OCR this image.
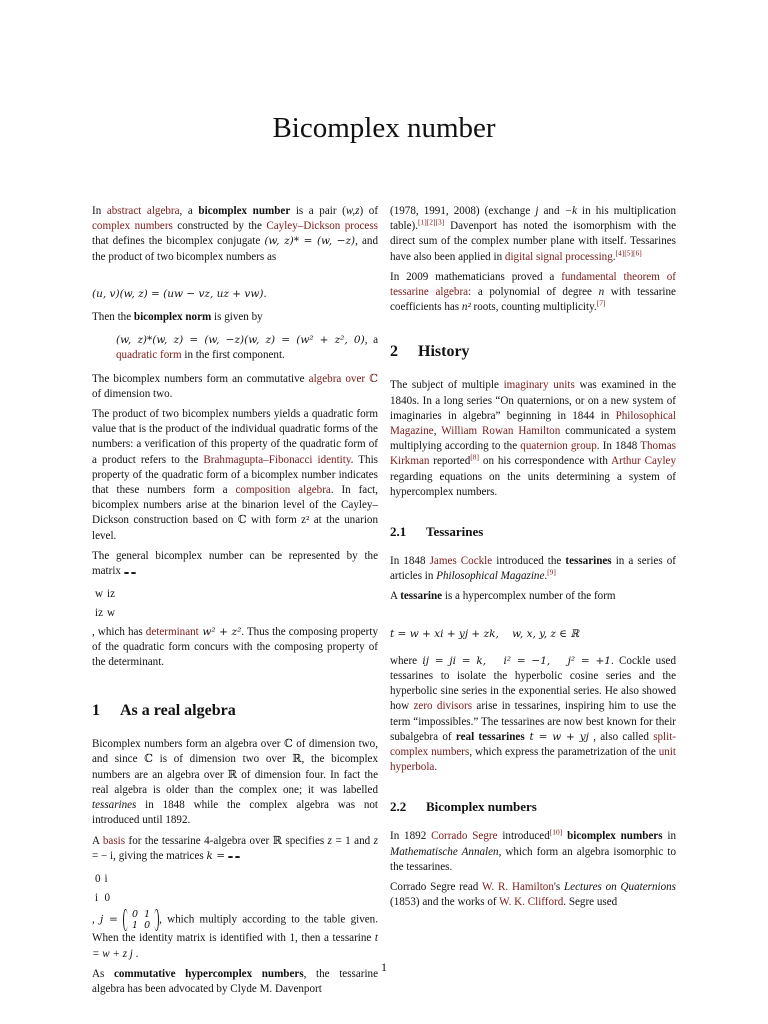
Bicomplex number

In abstract algebra, a bicomplex number is a pair (w,z) of complex numbers constructed by the Cayley–Dickson process that defines the bicomplex conjugate (w, z)* = (w, −z), and the product of two bicomplex numbers as

(u, v)(w, z) = (uw − vz, uz + vw).

Then the bicomplex norm is given by

(w, z)*(w, z) = (w, −z)(w, z) = (w² + z², 0), a quadratic form in the first component.

The bicomplex numbers form an commutative algebra over ℂ of dimension two.

The product of two bicomplex numbers yields a quadratic form value that is the product of the individual quadratic forms of the numbers: a verification of this property of the quadratic form of a product refers to the Brahmagupta–Fibonacci identity. This property of the quadratic form of a bicomplex number indicates that these numbers form a composition algebra. In fact, bicomplex numbers arise at the binarion level of the Cayley–Dickson construction based on ℂ with form z² at the unarion level.

The general bicomplex number can be represented by the matrix

w	iz
iz	w
, which has determinant w² + z². Thus the composing property of the quadratic form concurs with the composing property of the determinant.

1 As a real algebra

Bicomplex numbers form an algebra over ℂ of dimension two, and since ℂ is of dimension two over ℝ, the bicomplex numbers are an algebra over ℝ of dimension four. In fact the real algebra is older than the complex one; it was labelled tessarines in 1848 while the complex algebra was not introduced until 1892.

A basis for the tessarine 4-algebra over ℝ specifies z = 1 and z = − i, giving the matrices k =

0	i
i	0
, j = 0	1
1	0 , which multiply according to the table given. When the identity matrix is identified with 1, then a tessarine t = w + z j .

As commutative hypercomplex numbers, the tessarine algebra has been advocated by Clyde M. Davenport

(1978, 1991, 2008) (exchange j and −k in his multiplication table).[1][2][3] Davenport has noted the isomorphism with the direct sum of the complex number plane with itself. Tessarines have also been applied in digital signal processing.[4][5][6]

In 2009 mathematicians proved a fundamental theorem of tessarine algebra: a polynomial of degree n with tessarine coefficients has n² roots, counting multiplicity.[7]

2 History

The subject of multiple imaginary units was examined in the 1840s. In a long series “On quaternions, or on a new system of imaginaries in algebra” beginning in 1844 in Philosophical Magazine, William Rowan Hamilton communicated a system multiplying according to the quaternion group. In 1848 Thomas Kirkman reported[8] on his correspondence with Arthur Cayley regarding equations on the units determining a system of hypercomplex numbers.

2.1 Tessarines

In 1848 James Cockle introduced the tessarines in a series of articles in Philosophical Magazine.[9]

A tessarine is a hypercomplex number of the form

t = w + xi + yj + zk,    w, x, y, z ∈ ℝ

where ij = ji = k,   i² = −1,   j² = +1. Cockle used tessarines to isolate the hyperbolic cosine series and the hyperbolic sine series in the exponential series. He also showed how zero divisors arise in tessarines, inspiring him to use the term “impossibles.” The tessarines are now best known for their subalgebra of real tessarines t = w + yj , also called split-complex numbers, which express the parametrization of the unit hyperbola.

2.2 Bicomplex numbers

In 1892 Corrado Segre introduced[10] bicomplex numbers in Mathematische Annalen, which form an algebra isomorphic to the tessarines.

Corrado Segre read W. R. Hamilton's Lectures on Quaternions (1853) and the works of W. K. Clifford. Segre used

1
